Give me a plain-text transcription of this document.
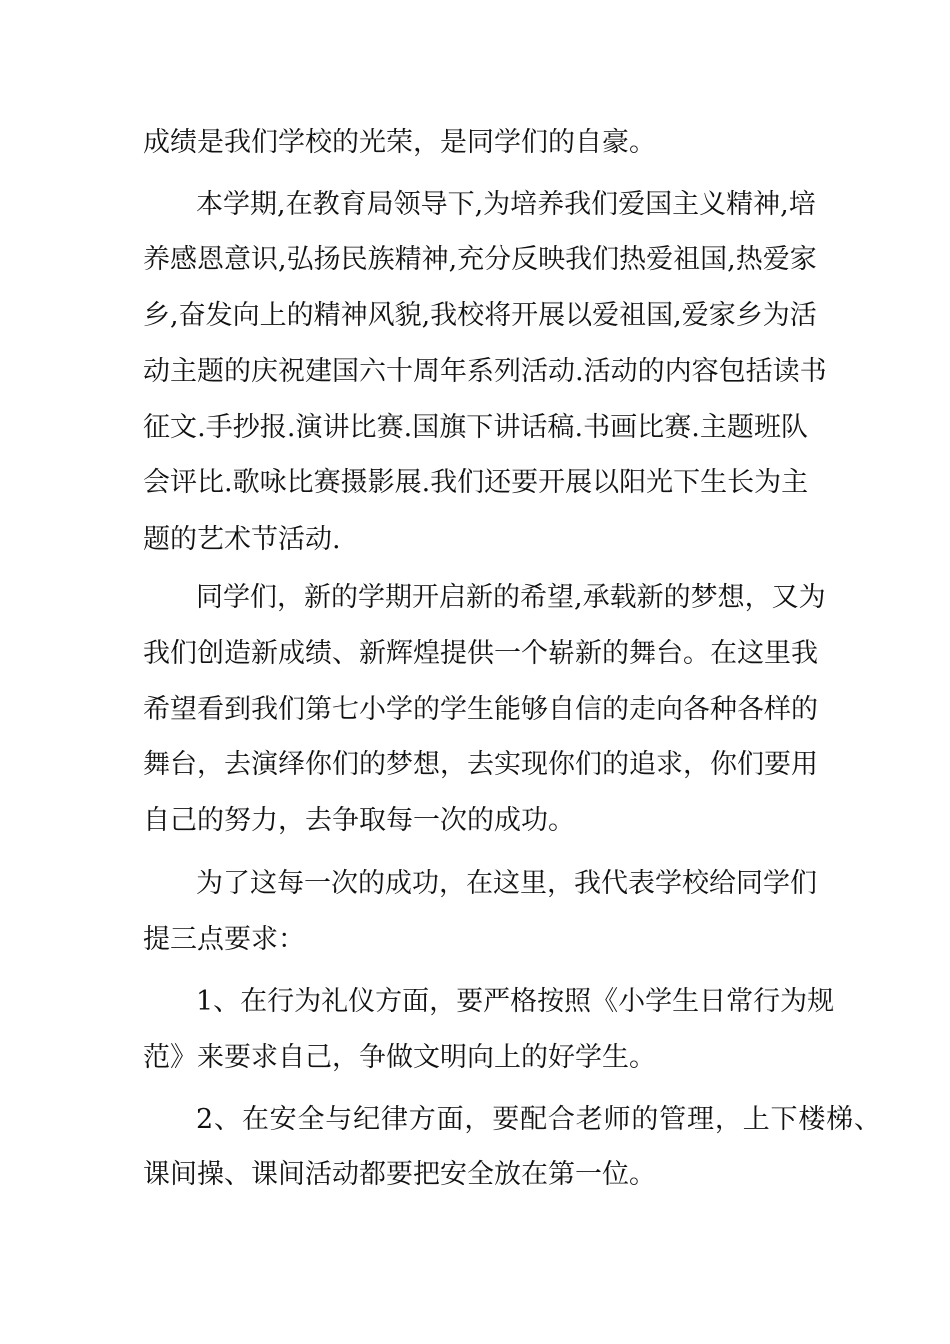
成绩是我们学校的光荣，是同学们的自豪。
本学期,在教育局领导下,为培养我们爱国主义精神,培
养感恩意识,弘扬民族精神,充分反映我们热爱祖国,热爱家
乡,奋发向上的精神风貌,我校将开展以爱祖国,爱家乡为活
动主题的庆祝建国六十周年系列活动.活动的内容包括读书
征文.手抄报.演讲比赛.国旗下讲话稿.书画比赛.主题班队
会评比.歌咏比赛摄影展.我们还要开展以阳光下生长为主
题的艺术节活动.
同学们，新的学期开启新的希望,承载新的梦想，又为
我们创造新成绩、新辉煌提供一个崭新的舞台。在这里我
希望看到我们第七小学的学生能够自信的走向各种各样的
舞台，去演绎你们的梦想，去实现你们的追求，你们要用
自己的努力，去争取每一次的成功。
为了这每一次的成功，在这里，我代表学校给同学们
提三点要求：
1、在行为礼仪方面，要严格按照《小学生日常行为规
范》来要求自己，争做文明向上的好学生。
2、在安全与纪律方面，要配合老师的管理，上下楼梯、
课间操、课间活动都要把安全放在第一位。
